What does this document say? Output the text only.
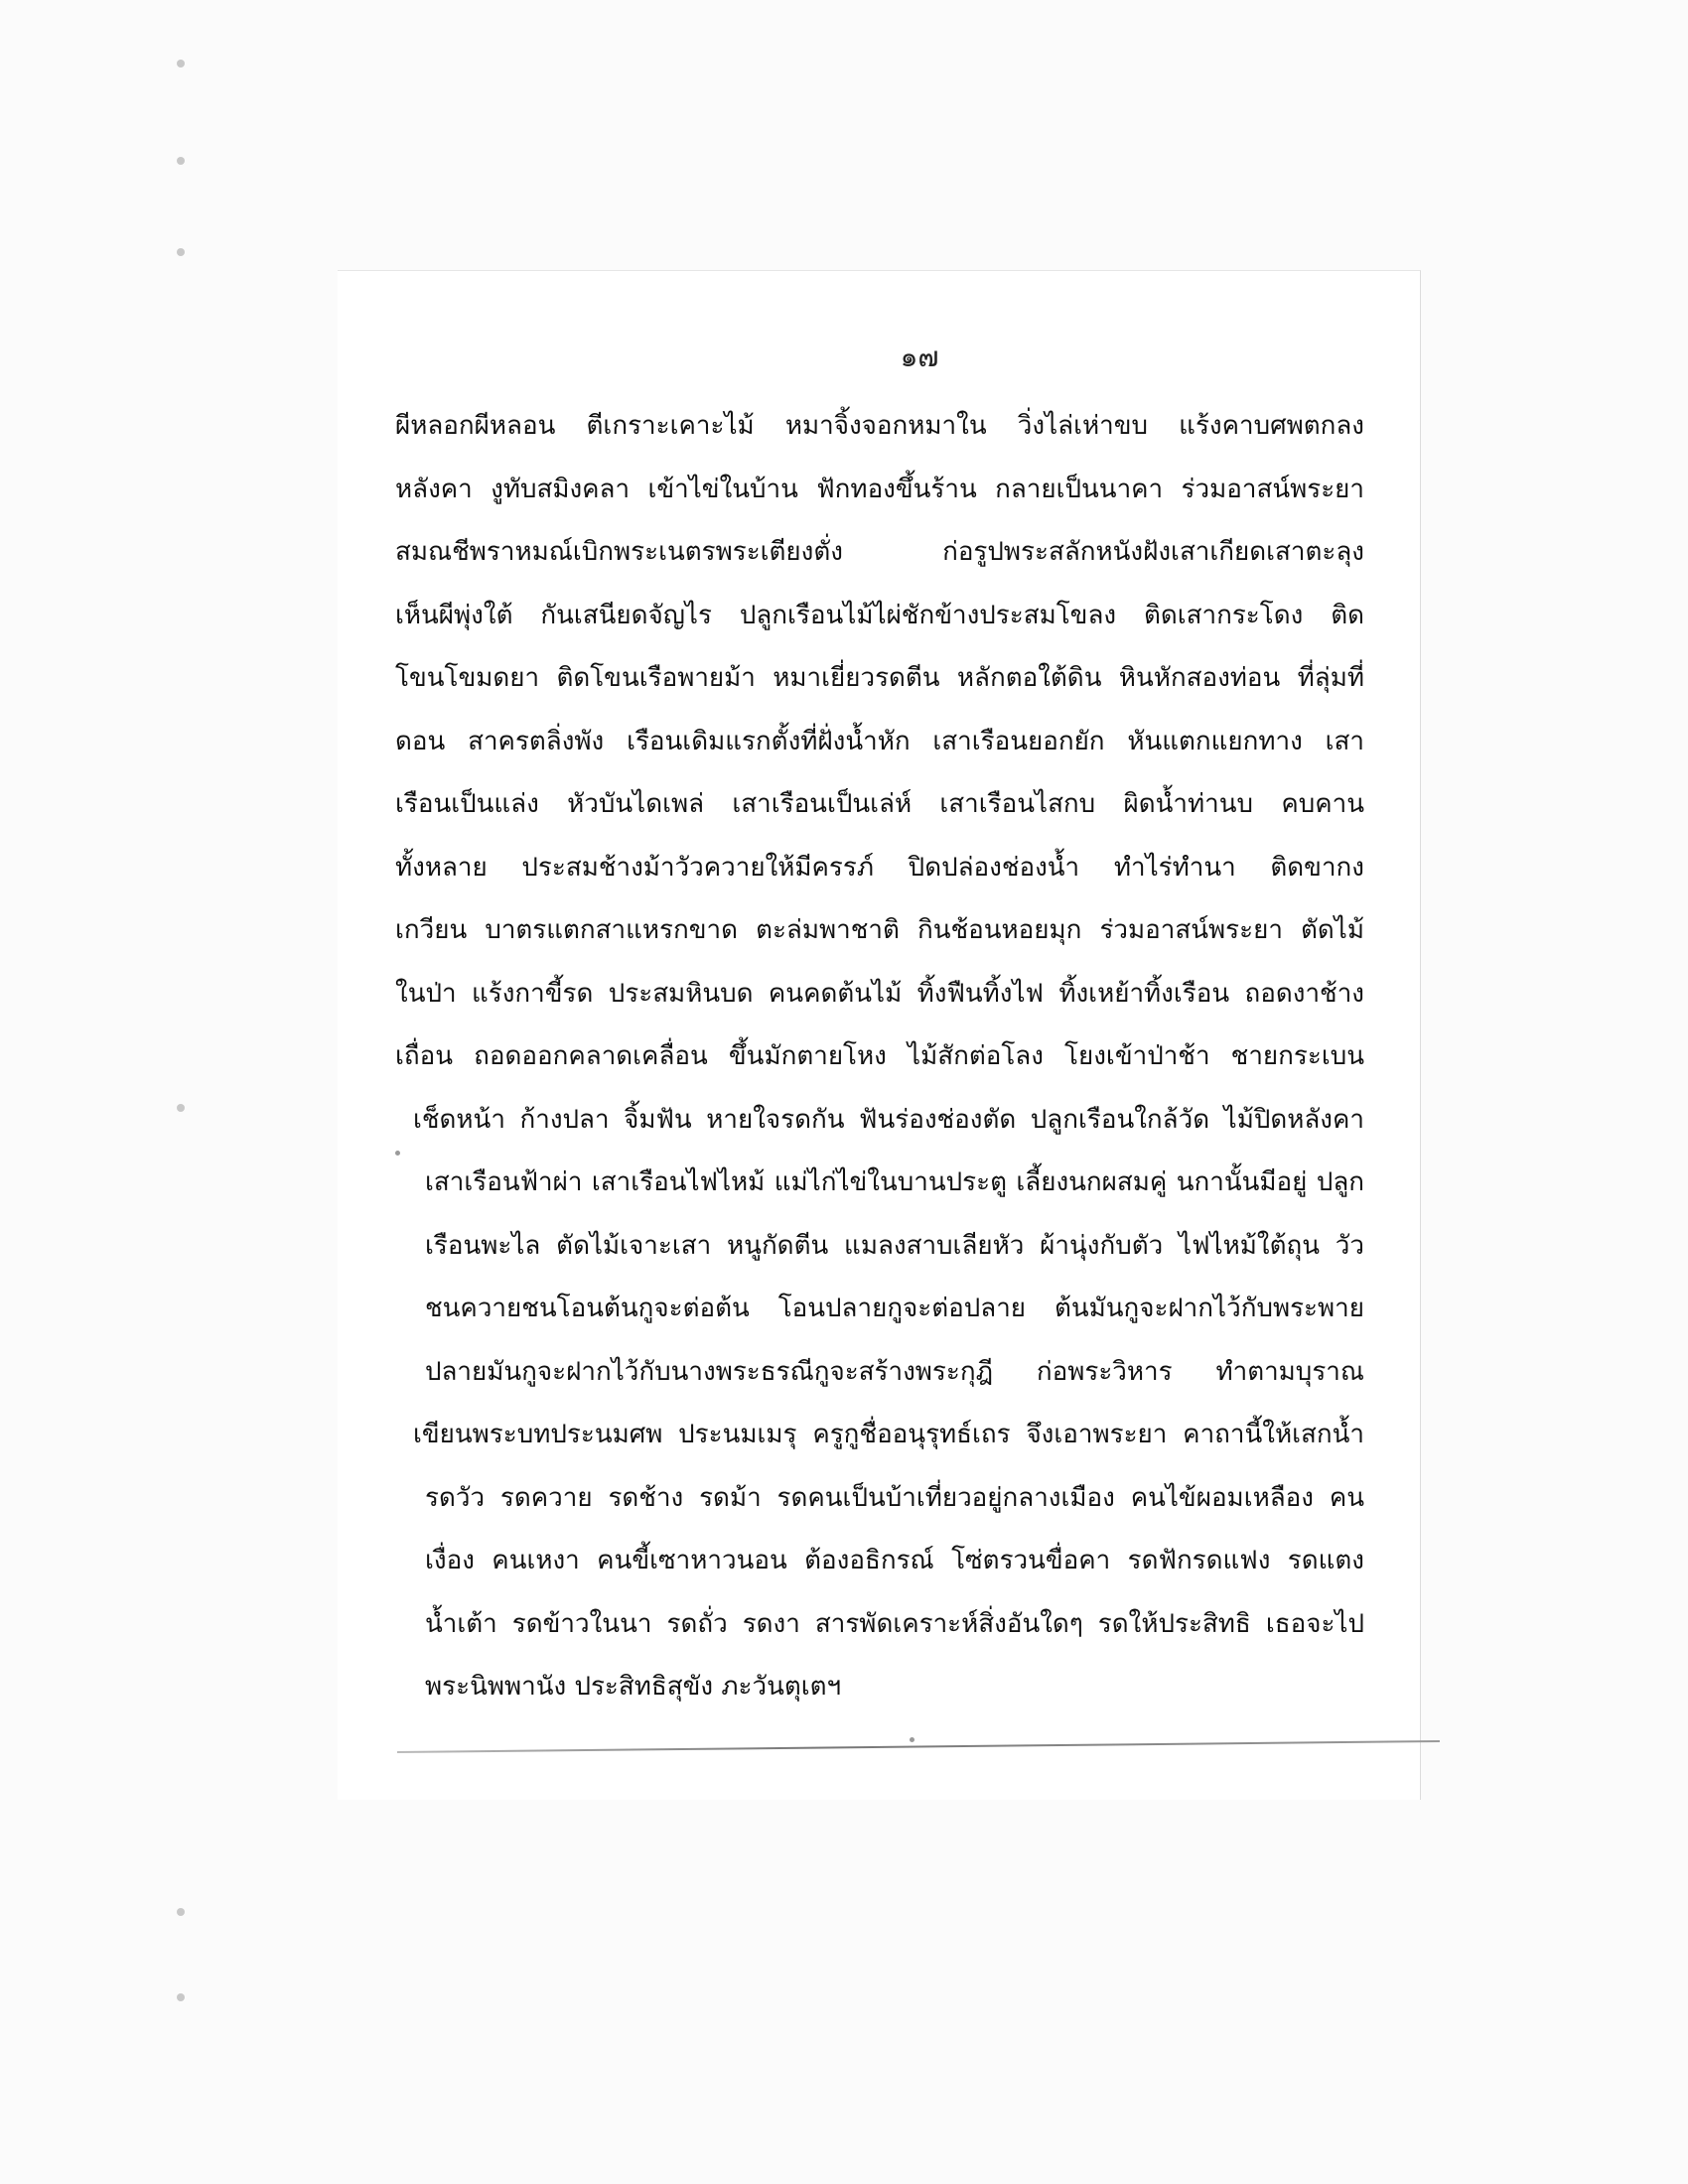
๑๗
ผีหลอกผีหลอน ตีเกราะเคาะไม้ หมาจิ้งจอกหมาใน วิ่งไล่เห่าขบ แร้งคาบศพตกลง
หลังคา งูทับสมิงคลา เข้าไข่ในบ้าน ฟักทองขึ้นร้าน กลายเป็นนาคา ร่วมอาสน์พระยา
สมณชีพราหมณ์เบิกพระเนตรพระเตียงตั่ง ก่อรูปพระสลักหนังฝังเสาเกียดเสาตะลุง
เห็นผีพุ่งใต้ กันเสนียดจัญไร ปลูกเรือนไม้ไผ่ชักข้างประสมโขลง ติดเสากระโดง ติด
โขนโขมดยา ติดโขนเรือพายม้า หมาเยี่ยวรดตีน หลักตอใต้ดิน หินหักสองท่อน ที่ลุ่มที่
ดอน สาครตลิ่งพัง เรือนเดิมแรกตั้งที่ฝั่งน้ำหัก เสาเรือนยอกยัก หันแตกแยกทาง เสา
เรือนเป็นแล่ง หัวบันไดเพล่ เสาเรือนเป็นเล่ห์ เสาเรือนไสกบ ผิดน้ำท่านบ คบคาน
ทั้งหลาย ประสมช้างม้าวัวควายให้มีครรภ์ ปิดปล่องช่องน้ำ ทำไร่ทำนา ติดขากง
เกวียน บาตรแตกสาแหรกขาด ตะล่มพาชาติ กินช้อนหอยมุก ร่วมอาสน์พระยา ตัดไม้
ในป่า แร้งกาขี้รด ประสมหินบด คนคดต้นไม้ ทิ้งฟืนทิ้งไฟ ทิ้งเหย้าทิ้งเรือน ถอดงาช้าง
เถื่อน ถอดออกคลาดเคลื่อน ขึ้นมักตายโหง ไม้สักต่อโลง โยงเข้าป่าช้า ชายกระเบน
เช็ดหน้า ก้างปลา จิ้มฟัน หายใจรดกัน ฟันร่องช่องตัด ปลูกเรือนใกล้วัด ไม้ปิดหลังคา
เสาเรือนฟ้าผ่า เสาเรือนไฟไหม้ แม่ไก่ไข่ในบานประตู เลี้ยงนกผสมคู่ นกานั้นมีอยู่ ปลูก
เรือนพะไล ตัดไม้เจาะเสา หนูกัดตีน แมลงสาบเลียหัว ผ้านุ่งกับตัว ไฟไหม้ใต้ถุน วัว
ชนควายชนโอนต้นกูจะต่อต้น โอนปลายกูจะต่อปลาย ต้นมันกูจะฝากไว้กับพระพาย
ปลายมันกูจะฝากไว้กับนางพระธรณีกูจะสร้างพระกุฎี ก่อพระวิหาร ทำตามบุราณ
เขียนพระบทประนมศพ ประนมเมรุ ครูกูชื่ออนุรุทธ์เถร จึงเอาพระยา คาถานี้ให้เสกน้ำ
รดวัว รดควาย รดช้าง รดม้า รดคนเป็นบ้าเที่ยวอยู่กลางเมือง คนไข้ผอมเหลือง คน
เงื่อง คนเหงา คนขี้เซาหาวนอน ต้องอธิกรณ์ โซ่ตรวนขื่อคา รดฟักรดแฟง รดแตง
น้ำเต้า รดข้าวในนา รดถั่ว รดงา สารพัดเคราะห์สิ่งอันใดๆ รดให้ประสิทธิ เธอจะไป
พระนิพพานัง ประสิทธิสุขัง ภะวันตุเตฯ
